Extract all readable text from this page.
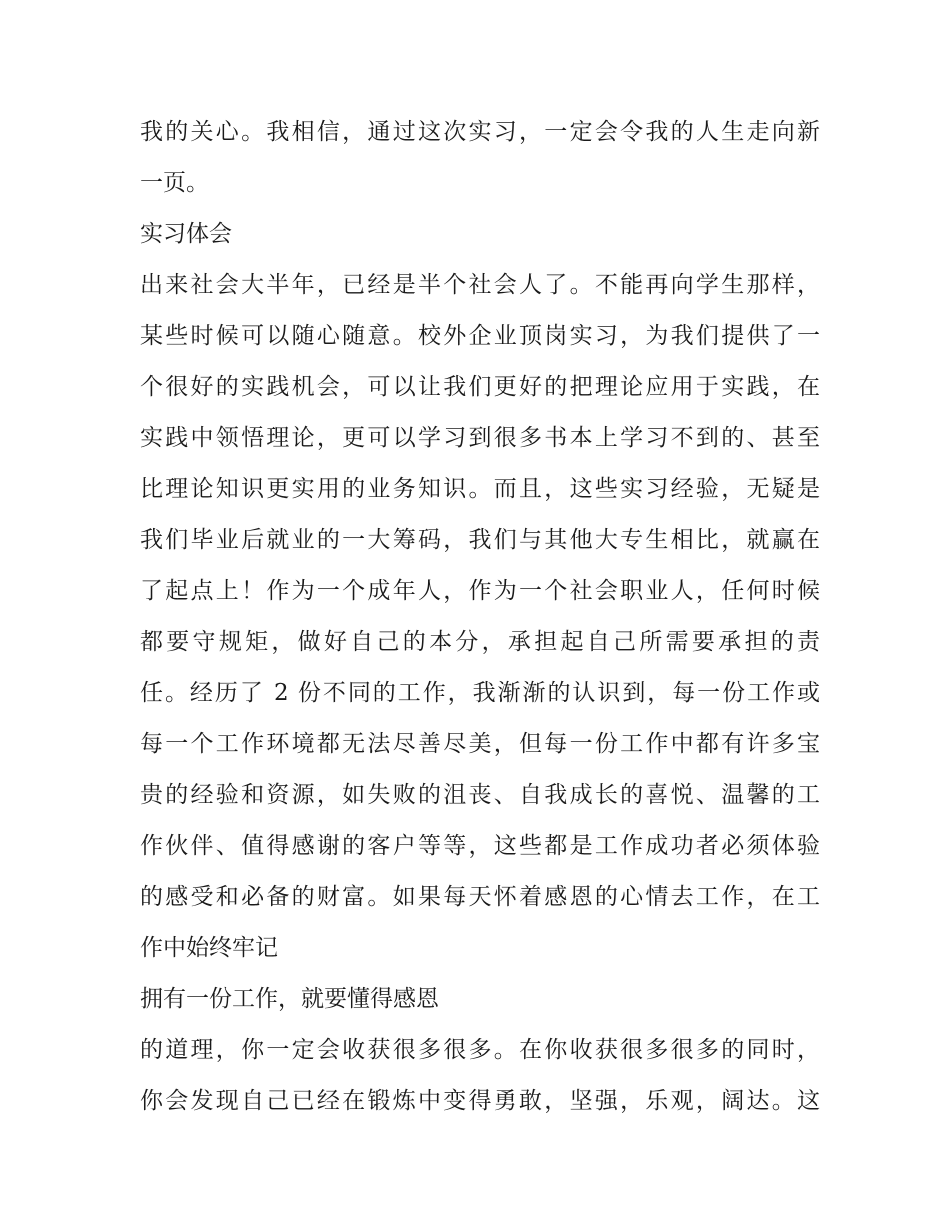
我的关心。我相信，通过这次实习，一定会令我的人生走向新
一页。
实习体会
出来社会大半年，已经是半个社会人了。不能再向学生那样，
某些时候可以随心随意。校外企业顶岗实习，为我们提供了一
个很好的实践机会，可以让我们更好的把理论应用于实践，在
实践中领悟理论，更可以学习到很多书本上学习不到的、甚至
比理论知识更实用的业务知识。而且，这些实习经验，无疑是
我们毕业后就业的一大筹码，我们与其他大专生相比，就赢在
了起点上！作为一个成年人，作为一个社会职业人，任何时候
都要守规矩，做好自己的本分，承担起自己所需要承担的责
任。经历了 2 份不同的工作，我渐渐的认识到，每一份工作或
每一个工作环境都无法尽善尽美，但每一份工作中都有许多宝
贵的经验和资源，如失败的沮丧、自我成长的喜悦、温馨的工
作伙伴、值得感谢的客户等等，这些都是工作成功者必须体验
的感受和必备的财富。如果每天怀着感恩的心情去工作，在工
作中始终牢记
拥有一份工作，就要懂得感恩
的道理，你一定会收获很多很多。在你收获很多很多的同时，
你会发现自己已经在锻炼中变得勇敢，坚强，乐观，阔达。这
